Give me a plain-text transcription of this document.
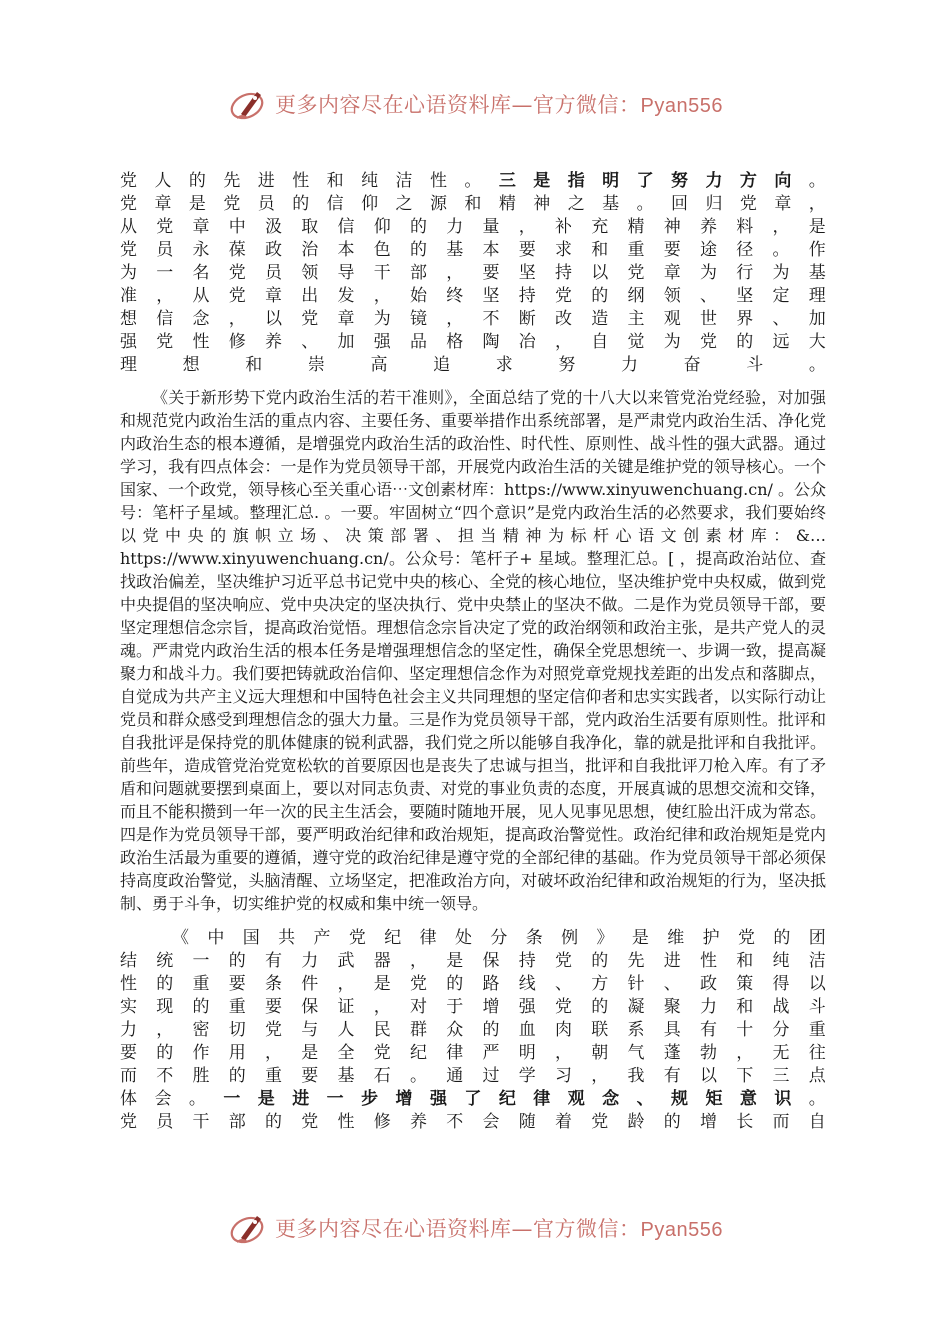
更多内容尽在心语资料库—官方微信：Pyan556
党 人 的 先 进 性 和 纯 洁 性 。 三 是 指 明 了 努 力 方 向 。
党 章 是 党 员 的 信 仰 之 源 和 精 神 之 基 。 回 归 党 章 ，
从 党 章 中 汲 取 信 仰 的 力 量 ， 补 充 精 神 养 料 ， 是
党 员 永 葆 政 治 本 色 的 基 本 要 求 和 重 要 途 径 。 作
为 一 名 党 员 领 导 干 部 ， 要 坚 持 以 党 章 为 行 为 基
准 ， 从 党 章 出 发 ， 始 终 坚 持 党 的 纲 领 、 坚 定 理
想 信 念 ， 以 党 章 为 镜 ， 不 断 改 造 主 观 世 界 、 加
强 党 性 修 养 、 加 强 品 格 陶 冶 ， 自 觉 为 党 的 远 大
理	想	和	崇	高	追	求	努	力	奋	斗	。
《关于新形势下党内政治生活的若干准则》，全面总结了党的十八大以来管党治党经验，对加强和规范党内政治生活的重点内容、主要任务、重要举措作出系统部署，是严肃党内政治生活、净化党内政治生态的根本遵循，是增强党内政治生活的政治性、时代性、原则性、战斗性的强大武器。通过学习，我有四点体会：一是作为党员领导干部，开展党内政治生活的关键是维护党的领导核心。一个国家、一个政党，领导核心至关重心语⋯文创素材库：https://www.xinyuwenchuang.cn/ 。公众号：笔杆子星域。整理汇总. 。一要。牢固树立“四个意识”是党内政治生活的必然要求，我们要始终以党中央的旗帜立场、决策部署、担当精神为标杆心语文创素材库：&…https://www.xinyuwenchuang.cn/。公众号：笔杆子+ 星域。整理汇总。[ ，提高政治站位、查找政治偏差，坚决维护习近平总书记党中央的核心、全党的核心地位，坚决维护党中央权威，做到党中央提倡的坚决响应、党中央决定的坚决执行、党中央禁止的坚决不做。二是作为党员领导干部，要坚定理想信念宗旨，提高政治觉悟。理想信念宗旨决定了党的政治纲领和政治主张，是共产党人的灵魂。严肃党内政治生活的根本任务是增强理想信念的坚定性，确保全党思想统一、步调一致，提高凝聚力和战斗力。我们要把铸就政治信仰、坚定理想信念作为对照党章党规找差距的出发点和落脚点，自觉成为共产主义远大理想和中国特色社会主义共同理想的坚定信仰者和忠实实践者，以实际行动让党员和群众感受到理想信念的强大力量。三是作为党员领导干部，党内政治生活要有原则性。批评和自我批评是保持党的肌体健康的锐利武器，我们党之所以能够自我净化，靠的就是批评和自我批评。前些年，造成管党治党宽松软的首要原因也是丧失了忠诚与担当，批评和自我批评刀枪入库。有了矛盾和问题就要摆到桌面上，要以对同志负责、对党的事业负责的态度，开展真诚的思想交流和交锋，而且不能积攒到一年一次的民主生活会，要随时随地开展，见人见事见思想，使红脸出汗成为常态。四是作为党员领导干部，要严明政治纪律和政治规矩，提高政治警觉性。政治纪律和政治规矩是党内政治生活最为重要的遵循，遵守党的政治纪律是遵守党的全部纪律的基础。作为党员领导干部必须保持高度政治警觉，头脑清醒、立场坚定，把准政治方向，对破坏政治纪律和政治规矩的行为，坚决抵制、勇于斗争，切实维护党的权威和集中统一领导。
《 中 国 共 产 党 纪 律 处 分 条 例 》 是 维 护 党 的 团
结 统 一 的 有 力 武 器 ， 是 保 持 党 的 先 进 性 和 纯 洁
性 的 重 要 条 件 ， 是 党 的 路 线 、 方 针 、 政 策 得 以
实 现 的 重 要 保 证 ， 对 于 增 强 党 的 凝 聚 力 和 战 斗
力 ， 密 切 党 与 人 民 群 众 的 血 肉 联 系 具 有 十 分 重
要 的 作 用 ， 是 全 党 纪 律 严 明 ， 朝 气 蓬 勃 ， 无 往
而 不 胜 的 重 要 基 石 。 通 过 学 习 ， 我 有 以 下 三 点
体 会 。 一 是 进 一 步 增 强 了 纪 律 观 念 、 规 矩 意 识 。
党 员 干 部 的 党 性 修 养 不 会 随 着 党 龄 的 增 长 而 自
更多内容尽在心语资料库—官方微信：Pyan556
